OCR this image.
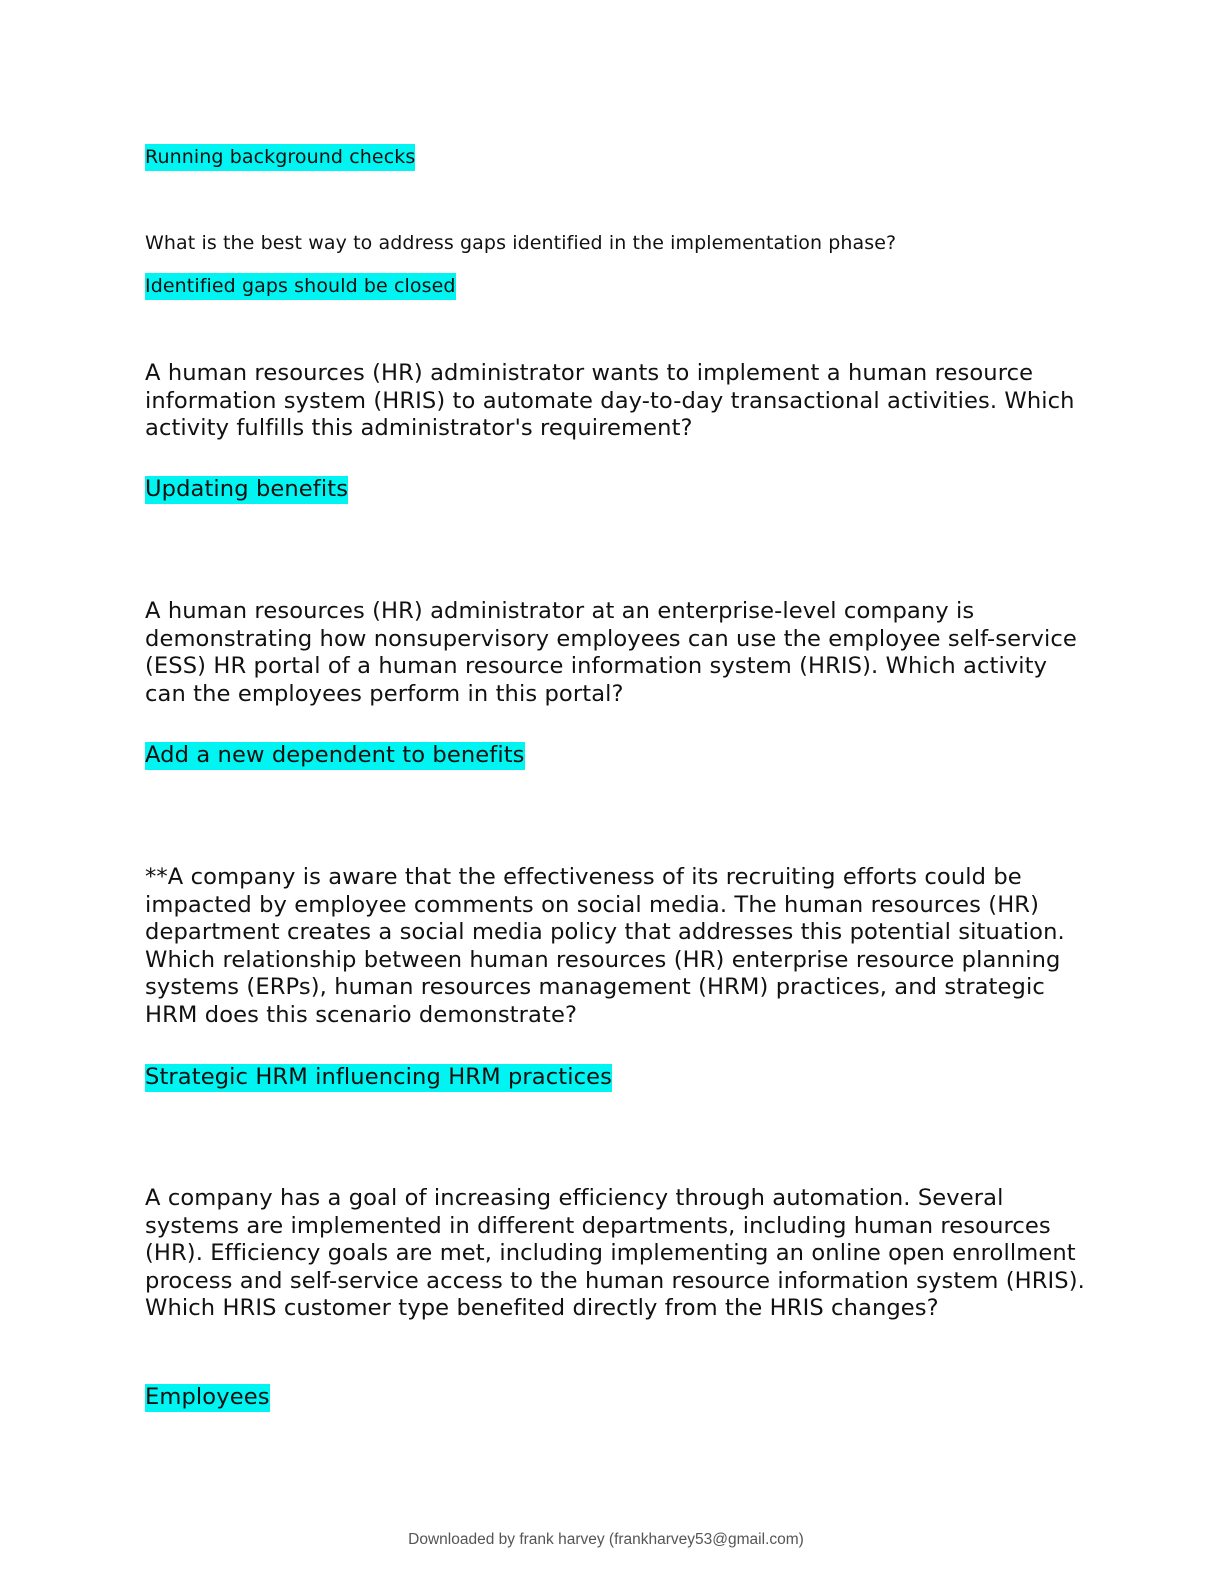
Running background checks

What is the best way to address gaps identified in the implementation phase?

Identified gaps should be closed

A human resources (HR) administrator wants to implement a human resource information system (HRIS) to automate day-to-day transactional activities. Which activity fulfills this administrator's requirement?

Updating benefits

A human resources (HR) administrator at an enterprise-level company is demonstrating how nonsupervisory employees can use the employee self-service (ESS) HR portal of a human resource information system (HRIS). Which activity can the employees perform in this portal?

Add a new dependent to benefits

**A company is aware that the effectiveness of its recruiting efforts could be impacted by employee comments on social media. The human resources (HR) department creates a social media policy that addresses this potential situation. Which relationship between human resources (HR) enterprise resource planning systems (ERPs), human resources management (HRM) practices, and strategic HRM does this scenario demonstrate?

Strategic HRM influencing HRM practices

A company has a goal of increasing efficiency through automation. Several systems are implemented in different departments, including human resources (HR). Efficiency goals are met, including implementing an online open enrollment process and self-service access to the human resource information system (HRIS). Which HRIS customer type benefited directly from the HRIS changes?

Employees

Downloaded by frank harvey (frankharvey53@gmail.com)
